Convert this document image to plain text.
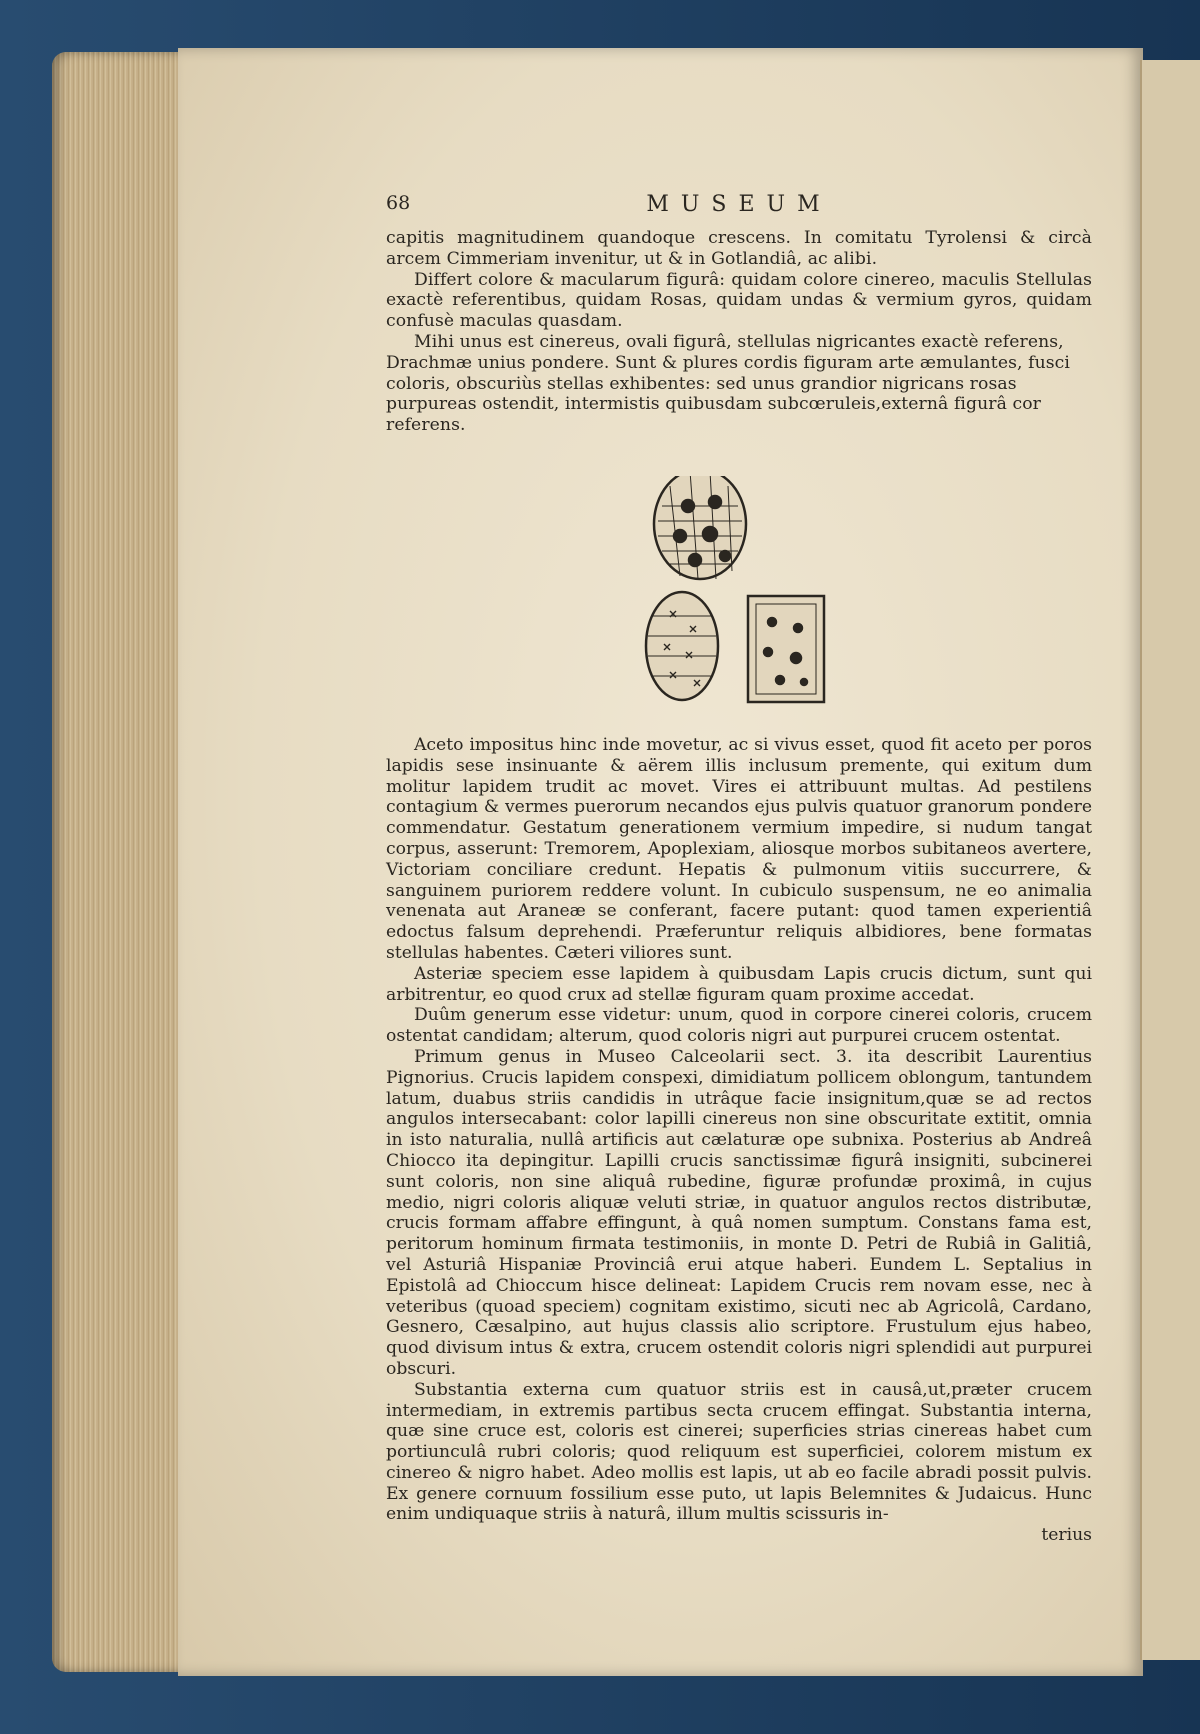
68	MUSEUM

capitis magnitudinem quandoque crescens. In comitatu Tyrolensi & circà arcem Cimmeriam invenitur, ut & in Gotlandiâ, ac alibi.

Differt colore & macularum figurâ: quidam colore cinereo, maculis Stellulas exactè referentibus, quidam Rosas, quidam undas & vermium gyros, quidam confusè maculas quasdam.

Mihi unus est cinereus, ovali figurâ, stellulas nigricantes exactè referens, Drachmæ unius pondere. Sunt & plures cordis figuram arte æmulantes, fusci coloris, obscuriùs stellas exhibentes: sed unus grandior nigricans rosas purpureas ostendit, intermistis quibusdam subcœruleis,externâ figurâ cor referens.

Aceto impositus hinc inde movetur, ac si vivus esset, quod fit aceto per poros lapidis sese insinuante & aërem illis inclusum premente, qui exitum dum molitur lapidem trudit ac movet. Vires ei attribuunt multas. Ad pestilens contagium & vermes puerorum necandos ejus pulvis quatuor granorum pondere commendatur. Gestatum generationem vermium impedire, si nudum tangat corpus, asserunt: Tremorem, Apoplexiam, aliosque morbos subitaneos avertere, Victoriam conciliare credunt. Hepatis & pulmonum vitiis succurrere, & sanguinem puriorem reddere volunt. In cubiculo suspensum, ne eo animalia venenata aut Araneæ se conferant, facere putant: quod tamen experientiâ edoctus falsum deprehendi. Præferuntur reliquis albidiores, bene formatas stellulas habentes. Cæteri viliores sunt.

Asteriæ speciem esse lapidem à quibusdam Lapis crucis dictum, sunt qui arbitrentur, eo quod crux ad stellæ figuram quam proxime accedat.

Duûm generum esse videtur: unum, quod in corpore cinerei coloris, crucem ostentat candidam; alterum, quod coloris nigri aut purpurei crucem ostentat.

Primum genus in Museo Calceolarii sect. 3. ita describit Laurentius Pignorius. Crucis lapidem conspexi, dimidiatum pollicem oblongum, tantundem latum, duabus striis candidis in utrâque facie insignitum,quæ se ad rectos angulos intersecabant: color lapilli cinereus non sine obscuritate extitit, omnia in isto naturalia, nullâ artificis aut cælaturæ ope subnixa. Posterius ab Andreâ Chiocco ita depingitur. Lapilli crucis sanctissimæ figurâ insigniti, subcinerei sunt coloris, non sine aliquâ rubedine, figuræ profundæ proximâ, in cujus medio, nigri coloris aliquæ veluti striæ, in quatuor angulos rectos distributæ, crucis formam affabre effingunt, à quâ nomen sumptum. Constans fama est, peritorum hominum firmata testimoniis, in monte D. Petri de Rubiâ in Galitiâ, vel Asturiâ Hispaniæ Provinciâ erui atque haberi. Eundem L. Septalius in Epistolâ ad Chioccum hisce delineat: Lapidem Crucis rem novam esse, nec à veteribus (quoad speciem) cognitam existimo, sicuti nec ab Agricolâ, Cardano, Gesnero, Cæsalpino, aut hujus classis alio scriptore. Frustulum ejus habeo, quod divisum intus & extra, crucem ostendit coloris nigri splendidi aut purpurei obscuri.

Substantia externa cum quatuor striis est in causâ,ut,præter crucem intermediam, in extremis partibus secta crucem effingat. Substantia interna, quæ sine cruce est, coloris est cinerei; superficies strias cinereas habet cum portiunculâ rubri coloris; quod reliquum est superficiei, colorem mistum ex cinereo & nigro habet. Adeo mollis est lapis, ut ab eo facile abradi possit pulvis. Ex genere cornuum fossilium esse puto, ut lapis Belemnites & Judaicus. Hunc enim undiquaque striis à naturâ, illum multis scissuris in-

terius
